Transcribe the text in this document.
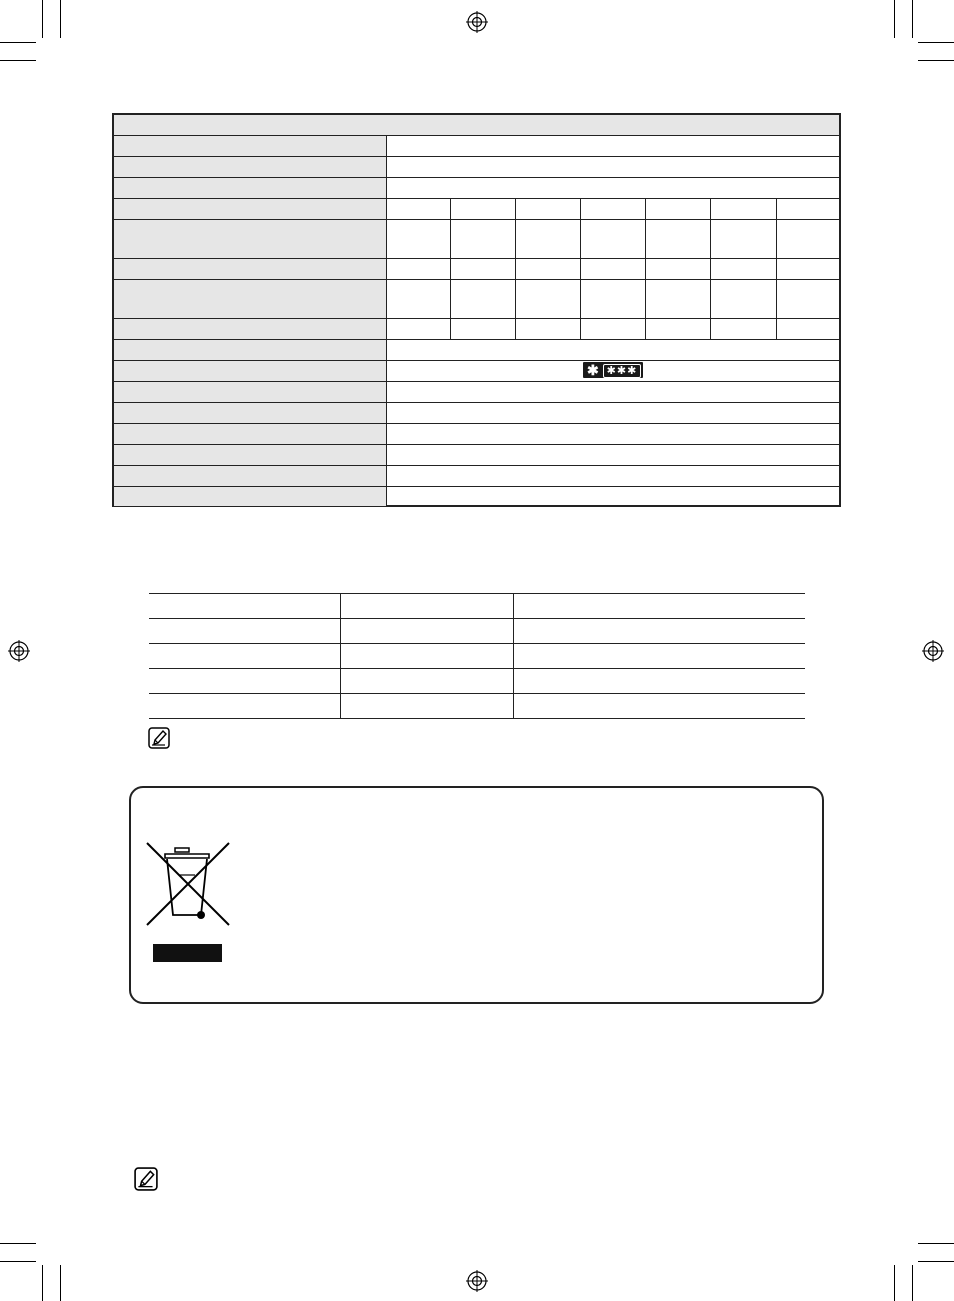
✱ ✱✱✱
